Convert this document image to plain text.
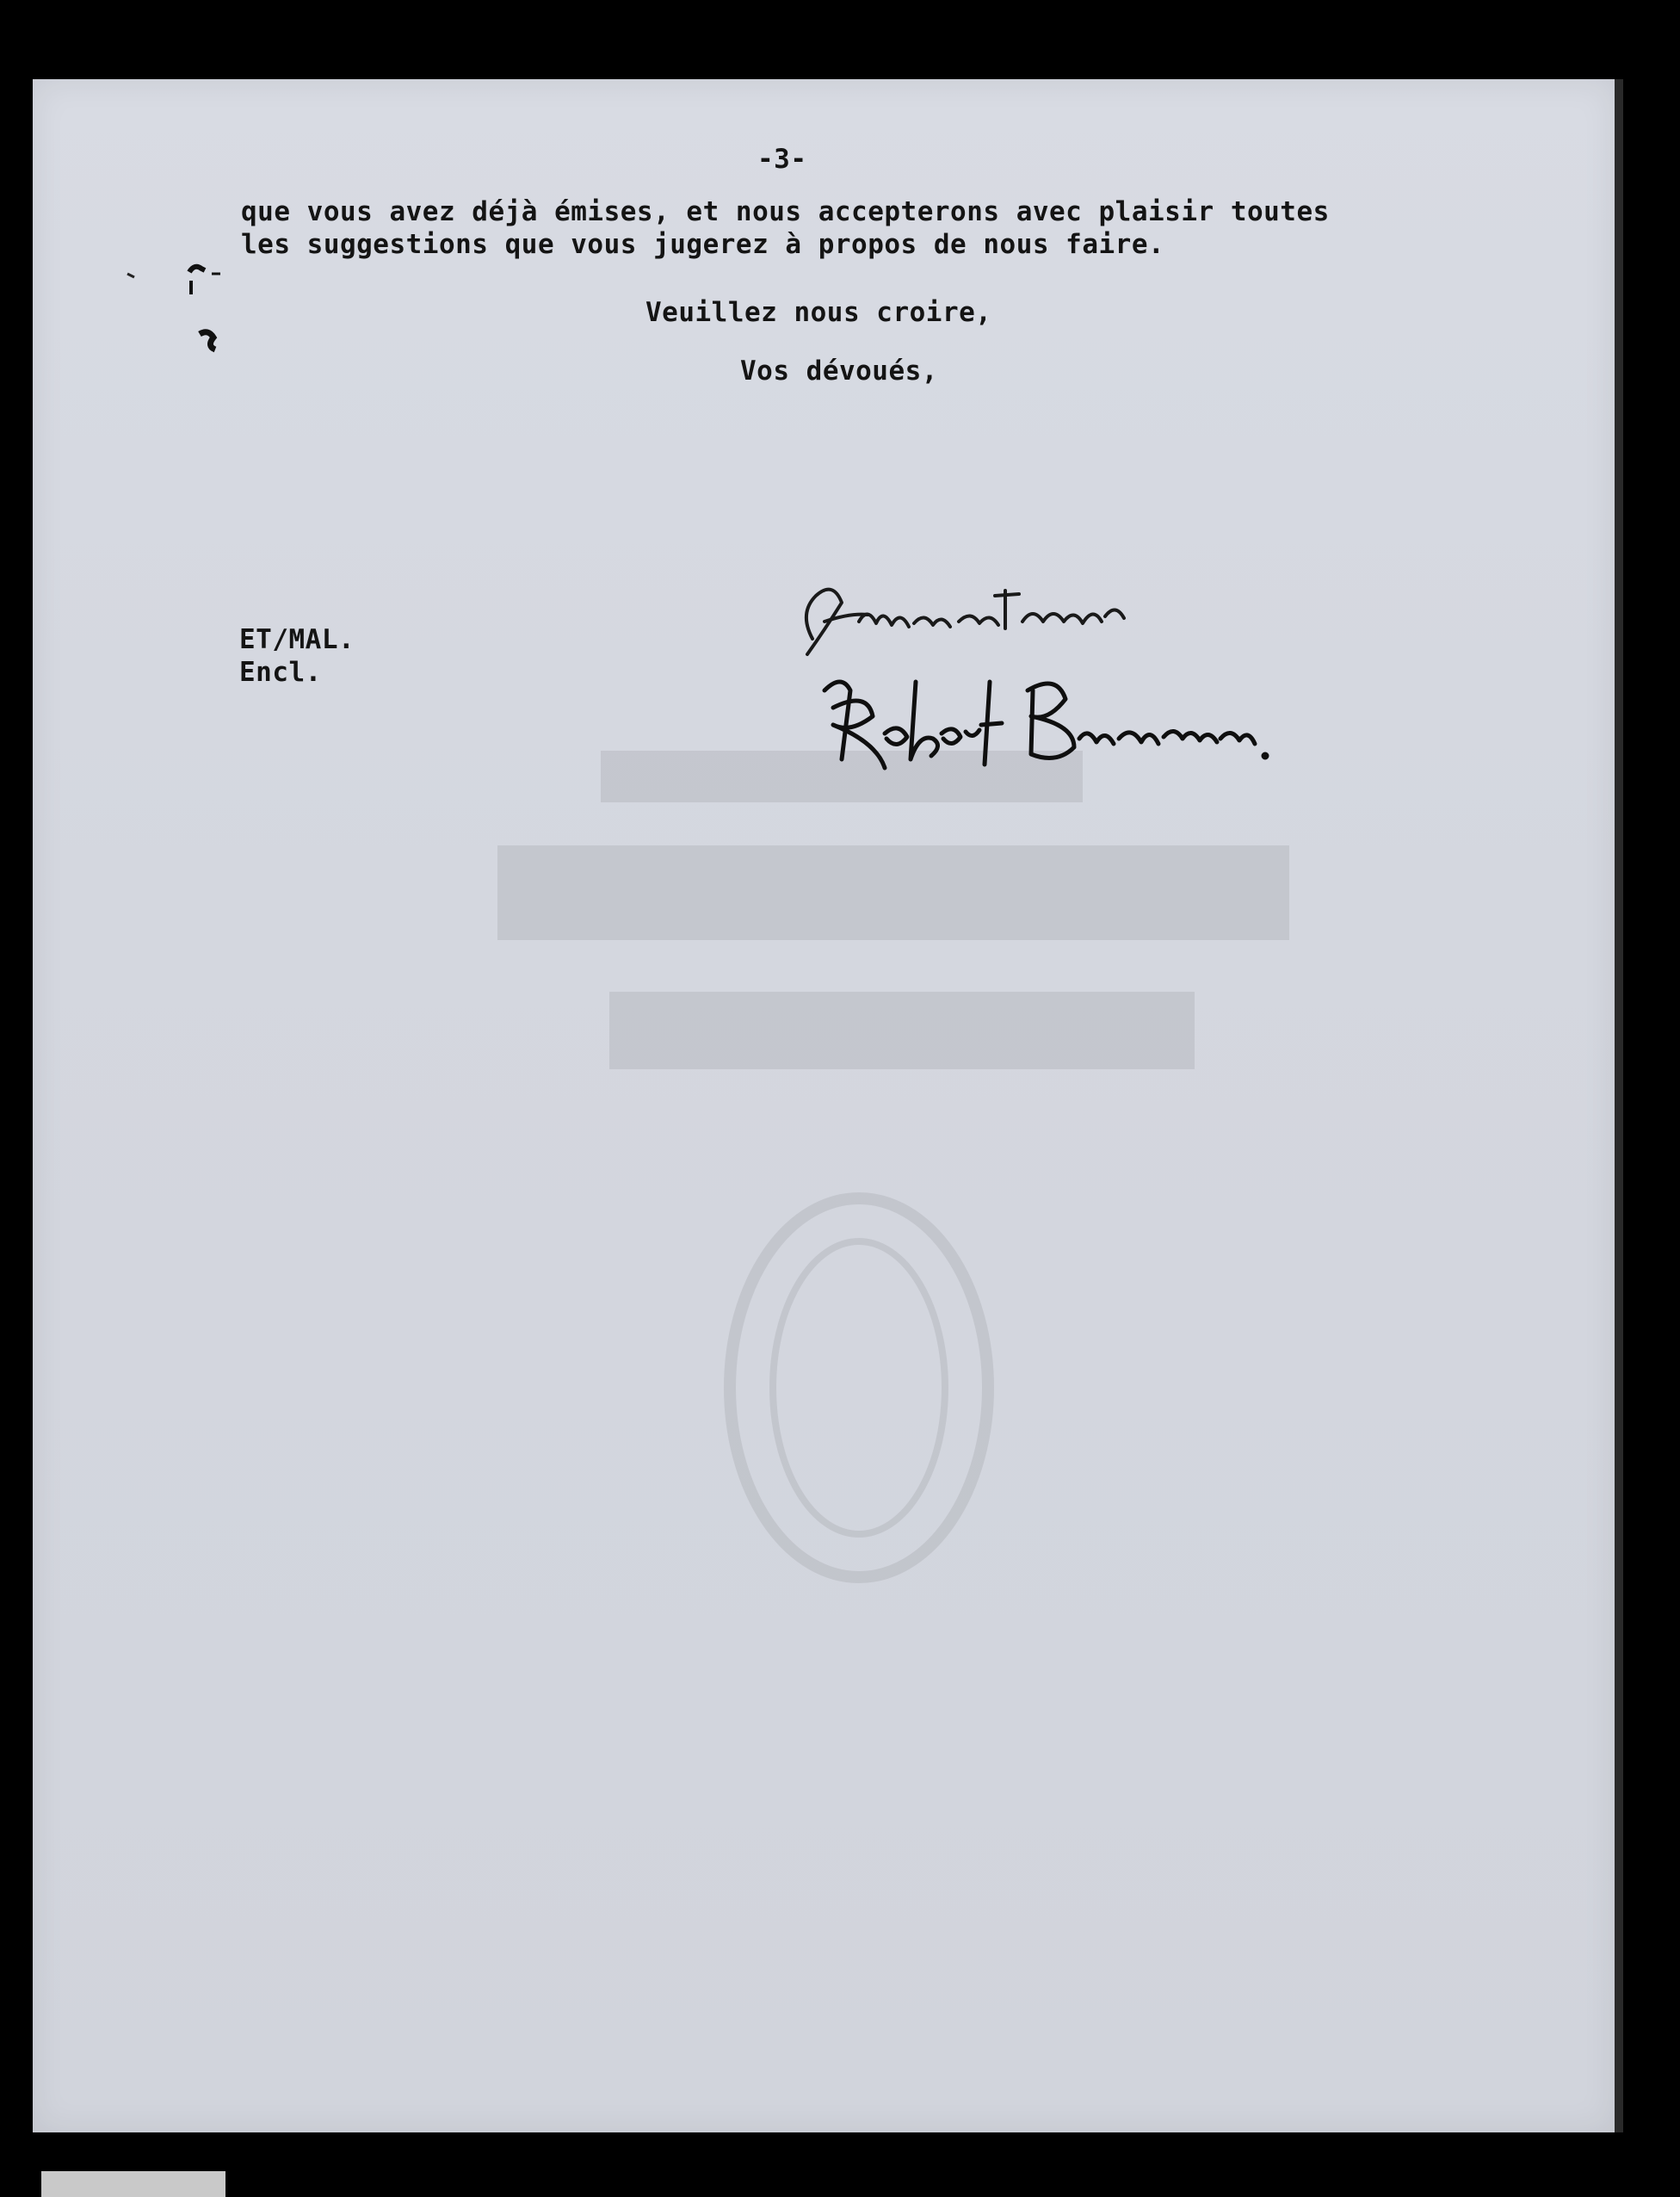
-3-
que vous avez déjà émises, et nous accepterons avec plaisir toutes
les suggestions que vous jugerez à propos de nous faire.
Veuillez nous croire,
Vos dévoués,
ET/MAL.
Encl.
